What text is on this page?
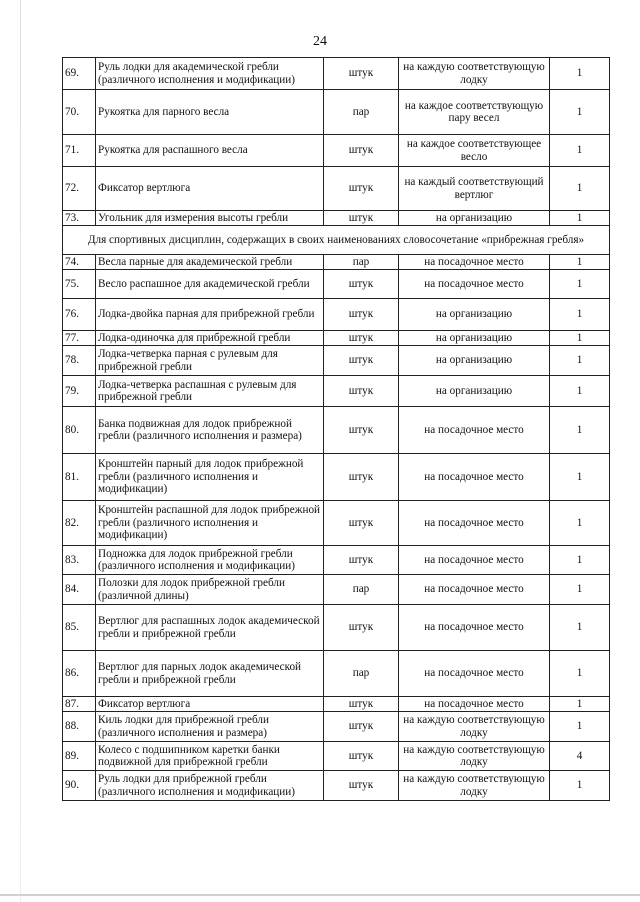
24
69.	Руль лодки для академической гребли (различного исполнения и модификации)	штук	на каждую соответствующую лодку	1
70.	Рукоятка для парного весла	пар	на каждое соответствующую пару весел	1
71.	Рукоятка для распашного весла	штук	на каждое соответствующее весло	1
72.	Фиксатор вертлюга	штук	на каждый соответствующий вертлюг	1
73.	Угольник для измерения высоты гребли	штук	на организацию	1
Для спортивных дисциплин, содержащих в своих наименованиях словосочетание «прибрежная гребля»				
74.	Весла парные для академической гребли	пар	на посадочное место	1
75.	Весло распашное для академической гребли	штук	на посадочное место	1
76.	Лодка-двойка парная для прибрежной гребли	штук	на организацию	1
77.	Лодка-одиночка для прибрежной гребли	штук	на организацию	1
78.	Лодка-четверка парная с рулевым для прибрежной гребли	штук	на организацию	1
79.	Лодка-четверка распашная с рулевым для прибрежной гребли	штук	на организацию	1
80.	Банка подвижная для лодок прибрежной гребли (различного исполнения и размера)	штук	на посадочное место	1
81.	Кронштейн парный для лодок прибрежной гребли (различного исполнения и модификации)	штук	на посадочное место	1
82.	Кронштейн распашной для лодок прибрежной гребли (различного исполнения и модификации)	штук	на посадочное место	1
83.	Подножка для лодок прибрежной гребли (различного исполнения и модификации)	штук	на посадочное место	1
84.	Полозки для лодок прибрежной гребли (различной длины)	пар	на посадочное место	1
85.	Вертлюг для распашных лодок академической гребли и прибрежной гребли	штук	на посадочное место	1
86.	Вертлюг для парных лодок академической гребли и прибрежной гребли	пар	на посадочное место	1
87.	Фиксатор вертлюга	штук	на посадочное место	1
88.	Киль лодки для прибрежной гребли (различного исполнения и размера)	штук	на каждую соответствующую лодку	1
89.	Колесо с подшипником каретки банки подвижной для прибрежной гребли	штук	на каждую соответствующую лодку	4
90.	Руль лодки для прибрежной гребли (различного исполнения и модификации)	штук	на каждую соответствующую лодку	1
